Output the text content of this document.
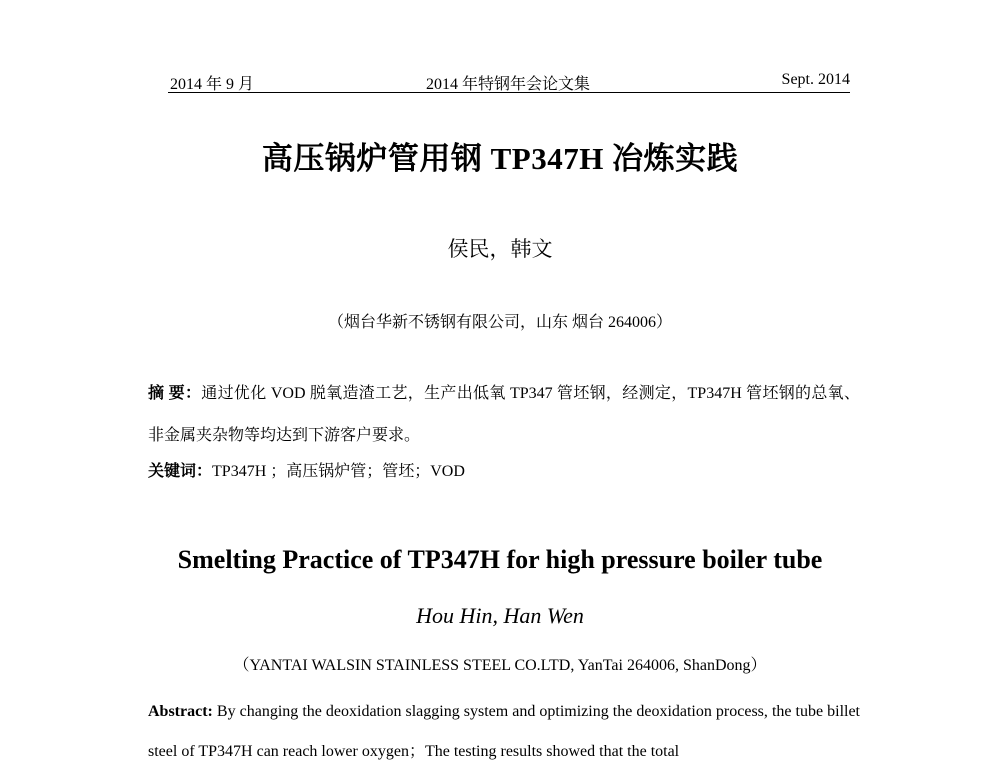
2014 年 9 月	2014 年特钢年会论文集	Sept. 2014
高压锅炉管用钢 TP347H 冶炼实践
侯民，韩文
（烟台华新不锈钢有限公司，山东 烟台 264006）
摘 要：通过优化 VOD 脱氧造渣工艺，生产出低氧 TP347 管坯钢，经测定，TP347H 管坯钢的总氧、非金属夹杂物等均达到下游客户要求。
关键词：TP347H ；高压锅炉管；管坯；VOD
Smelting Practice of TP347H for high pressure boiler tube
Hou Hin, Han Wen
（YANTAI WALSIN STAINLESS STEEL CO.LTD, YanTai 264006, ShanDong）
Abstract: By changing the deoxidation slagging system and optimizing the deoxidation process, the tube billet steel of TP347H can reach lower oxygen；The testing results showed that the total
